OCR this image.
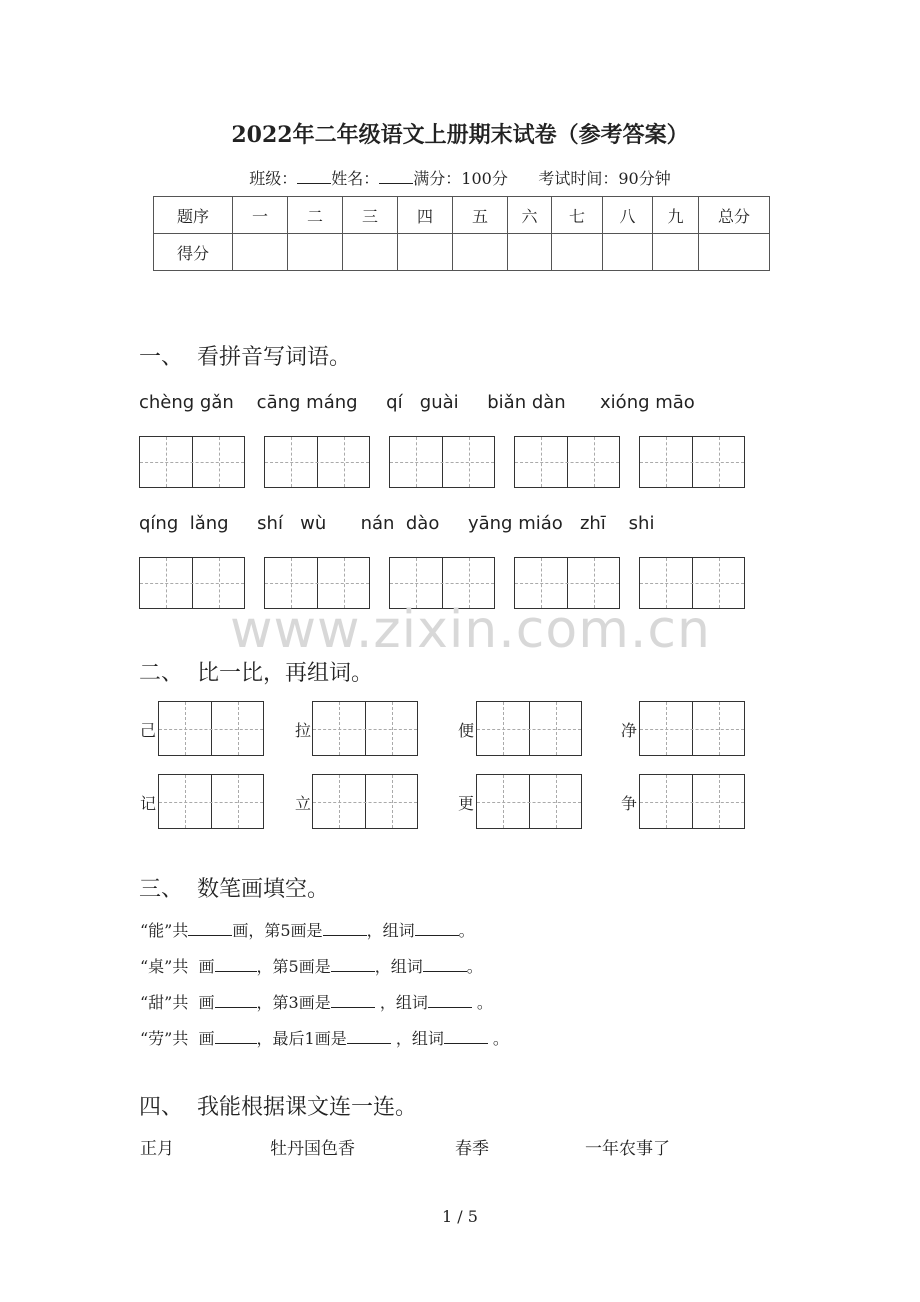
2022年二年级语文上册期末试卷（参考答案）
班级： 姓名： 满分：100分 考试时间：90分钟
题序	一	二	三	四	五	六	七	八	九	总分
得分										
一、  看拼音写词语。
chèng gǎn    cāng máng     qí   guài     biǎn dàn      xióng māo
qíng  lǎng     shí   wù      nán  dào     yāng miáo   zhī    shi
www.zixin.com.cn
二、  比一比，再组词。
己	拉	便	净
记	立	更	争
三、  数笔画填空。
“能”共	画，第5画是	，组词	。
“桌”共  画	，第5画是	，组词	。
“甜”共  画	，第3画是	，组词	。
“劳”共  画	，最后1画是	，组词	。
四、  我能根据课文连一连。
正月	牡丹国色香	春季	一年农事了
1 / 5
